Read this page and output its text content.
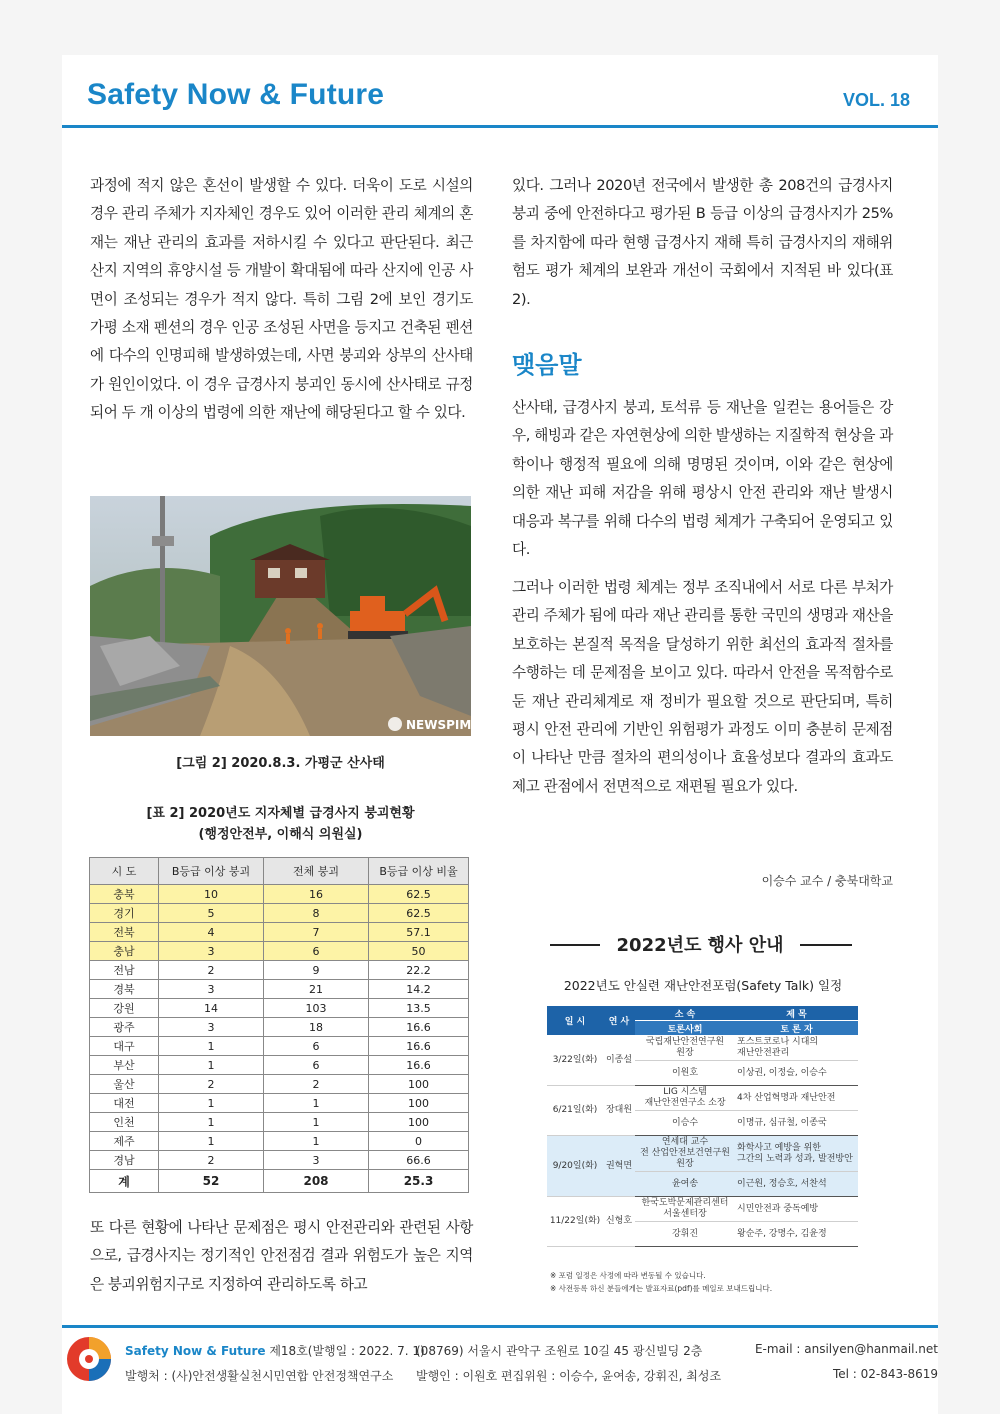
Safety Now & Future	VOL. 18
과정에 적지 않은 혼선이 발생할 수 있다. 더욱이 도로 시설의 경우 관리 주체가 지자체인 경우도 있어 이러한 관리 체계의 혼재는 재난 관리의 효과를 저하시킬 수 있다고 판단된다. 최근 산지 지역의 휴양시설 등 개발이 확대됨에 따라 산지에 인공 사면이 조성되는 경우가 적지 않다. 특히 그림 2에 보인 경기도 가평 소재 펜션의 경우 인공 조성된 사면을 등지고 건축된 펜션에 다수의 인명피해 발생하였는데, 사면 붕괴와 상부의 산사태가 원인이었다. 이 경우 급경사지 붕괴인 동시에 산사태로 규정되어 두 개 이상의 법령에 의한 재난에 해당된다고 할 수 있다.
NEWSPIM
[그림 2] 2020.8.3. 가평군 산사태
[표 2] 2020년도 지자체별 급경사지 붕괴현황
(행정안전부, 이해식 의원실)
시 도	B등급 이상 붕괴	전체 붕괴	B등급 이상 비율
충북	10	16	62.5
경기	5	8	62.5
전북	4	7	57.1
충남	3	6	50
전남	2	9	22.2
경북	3	21	14.2
강원	14	103	13.5
광주	3	18	16.6
대구	1	6	16.6
부산	1	6	16.6
울산	2	2	100
대전	1	1	100
인천	1	1	100
제주	1	1	0
경남	2	3	66.6
계	52	208	25.3
또 다른 현황에 나타난 문제점은 평시 안전관리와 관련된 사항으로, 급경사지는 정기적인 안전점검 결과 위험도가 높은 지역은 붕괴위험지구로 지정하여 관리하도록 하고
있다. 그러나 2020년 전국에서 발생한 총 208건의 급경사지 붕괴 중에 안전하다고 평가된 B 등급 이상의 급경사지가 25% 를 차지함에 따라 현행 급경사지 재해 특히 급경사지의 재해위험도 평가 체계의 보완과 개선이 국회에서 지적된 바 있다(표 2).
맺음말
산사태, 급경사지 붕괴, 토석류 등 재난을 일컫는 용어들은 강우, 해빙과 같은 자연현상에 의한 발생하는 지질학적 현상을 과학이나 행정적 필요에 의해 명명된 것이며, 이와 같은 현상에 의한 재난 피해 저감을 위해 평상시 안전 관리와 재난 발생시 대응과 복구를 위해 다수의 법령 체계가 구축되어 운영되고 있다.
그러나 이러한 법령 체계는 정부 조직내에서 서로 다른 부처가 관리 주체가 됨에 따라 재난 관리를 통한 국민의 생명과 재산을 보호하는 본질적 목적을 달성하기 위한 최선의 효과적 절차를 수행하는 데 문제점을 보이고 있다. 따라서 안전을 목적함수로 둔 재난 관리체계로 재 정비가 필요할 것으로 판단되며, 특히 평시 안전 관리에 기반인 위험평가 과정도 이미 충분히 문제점이 나타난 만큼 절차의 편의성이나 효율성보다 결과의 효과도 제고 관점에서 전면적으로 재편될 필요가 있다.
이승수 교수 / 충북대학교
2022년도 행사 안내
2022년도 안실련 재난안전포럼(Safety Talk) 일정
일 시	연 사	소 속	제 목
		토론사회	토 론 자
3/22일(화)	이종설	국립재난안전연구원
원장	포스트코로나 시대의
재난안전관리
		이원호	이상권, 이정슬, 이승수
6/21일(화)	장대원	LIG 시스템
재난안전연구소 소장	4차 산업혁명과 재난안전
		이승수	이명규, 심규철, 이종국
9/20일(화)	권혁면	연세대 교수
전 산업안전보건연구원 원장	화학사고 예방을 위한
그간의 노력과 성과, 발전방안
		윤여송	이근원, 정승호, 서찬석
11/22일(화)	신형호	한국도박문제관리센터
서울센터장	시민안전과 중독예방
		강휘진	왕순주, 강명수, 김윤정
※ 포럼 일정은 사정에 따라 변동될 수 있습니다.
※ 사전등록 하신 분들에게는 발표자료(pdf)를 메일로 보내드립니다.
Safety Now & Future 제18호(발행일 : 2022. 7. 1)
발행처 : (사)안전생활실천시민연합 안전정책연구소
(08769) 서울시 관악구 조원로 10길 45 광신빌딩 2층
발행인 : 이원호 편집위원 : 이승수, 윤여송, 강휘진, 최성조
E-mail : ansilyen@hanmail.net
Tel : 02-843-8619
